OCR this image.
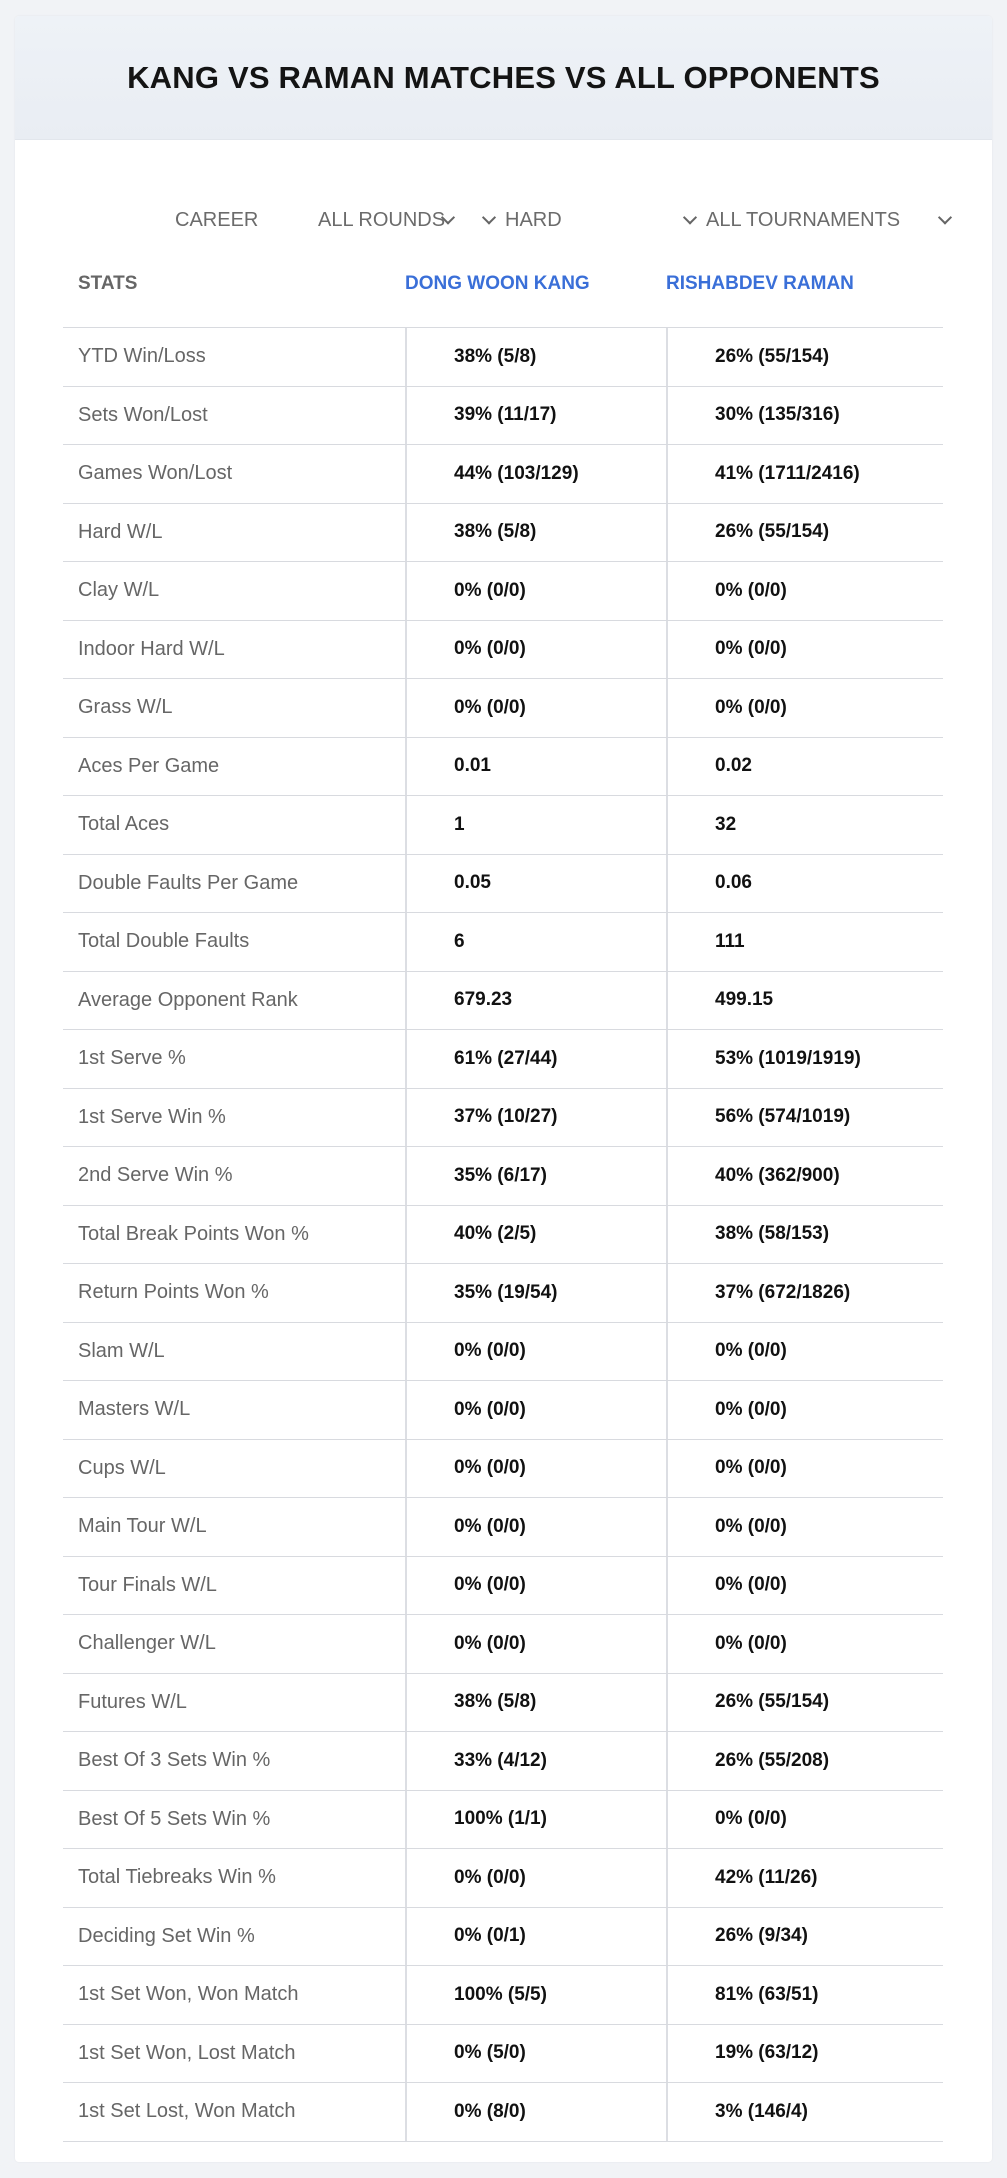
KANG VS RAMAN MATCHES VS ALL OPPONENTS
CAREER	ALL ROUNDS	HARD	ALL TOURNAMENTS
STATS	DONG WOON KANG	RISHABDEV RAMAN
YTD Win/Loss	38% (5/8)	26% (55/154)
Sets Won/Lost	39% (11/17)	30% (135/316)
Games Won/Lost	44% (103/129)	41% (1711/2416)
Hard W/L	38% (5/8)	26% (55/154)
Clay W/L	0% (0/0)	0% (0/0)
Indoor Hard W/L	0% (0/0)	0% (0/0)
Grass W/L	0% (0/0)	0% (0/0)
Aces Per Game	0.01	0.02
Total Aces	1	32
Double Faults Per Game	0.05	0.06
Total Double Faults	6	111
Average Opponent Rank	679.23	499.15
1st Serve %	61% (27/44)	53% (1019/1919)
1st Serve Win %	37% (10/27)	56% (574/1019)
2nd Serve Win %	35% (6/17)	40% (362/900)
Total Break Points Won %	40% (2/5)	38% (58/153)
Return Points Won %	35% (19/54)	37% (672/1826)
Slam W/L	0% (0/0)	0% (0/0)
Masters W/L	0% (0/0)	0% (0/0)
Cups W/L	0% (0/0)	0% (0/0)
Main Tour W/L	0% (0/0)	0% (0/0)
Tour Finals W/L	0% (0/0)	0% (0/0)
Challenger W/L	0% (0/0)	0% (0/0)
Futures W/L	38% (5/8)	26% (55/154)
Best Of 3 Sets Win %	33% (4/12)	26% (55/208)
Best Of 5 Sets Win %	100% (1/1)	0% (0/0)
Total Tiebreaks Win %	0% (0/0)	42% (11/26)
Deciding Set Win %	0% (0/1)	26% (9/34)
1st Set Won, Won Match	100% (5/5)	81% (63/51)
1st Set Won, Lost Match	0% (5/0)	19% (63/12)
1st Set Lost, Won Match	0% (8/0)	3% (146/4)
